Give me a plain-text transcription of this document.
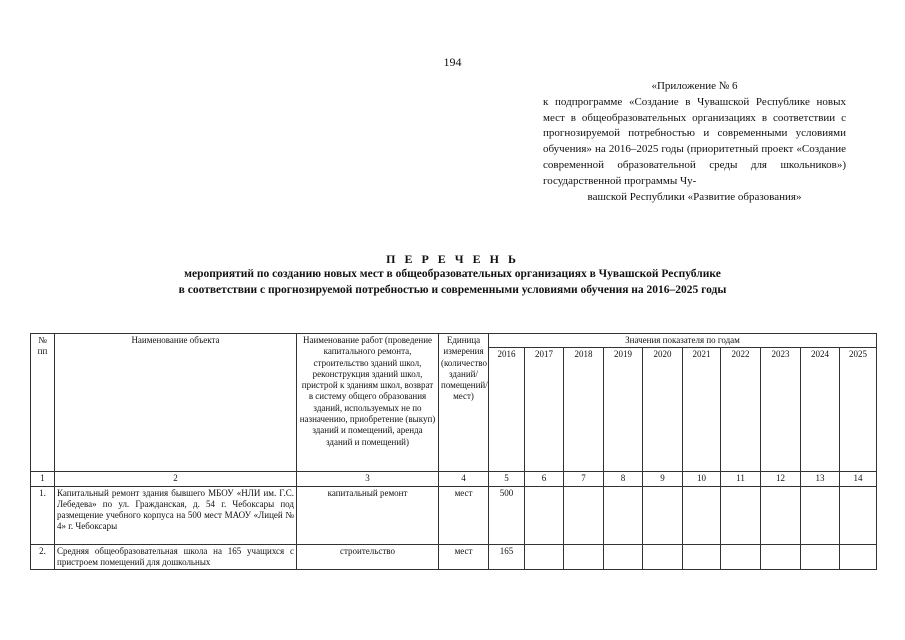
194
«Приложение № 6
к подпрограмме «Создание в Чувашской Республике новых мест в общеобразовательных организациях в соответствии с прогнозируемой потребностью и современными условиями обучения» на 2016–2025 годы (приоритетный проект «Создание современной образовательной среды для школьников») государственной программы Чу-
вашской Республики «Развитие образования»
П Е Р Е Ч Е Н Ь
мероприятий по созданию новых мест в общеобразовательных организациях в Чувашской Республике
в соответствии с прогнозируемой потребностью и современными условиями обучения на 2016–2025 годы
№ пп	Наименование объекта	Наименование работ (проведение капитального ремонта, строительство зданий школ, реконструкция зданий школ, пристрой к зданиям школ, возврат в систему общего образования зданий, используемых не по назначению, приобретение (выкуп) зданий и помещений, аренда зданий и помещений)	Единица измерения (количество зданий/ помещений/ мест)	Значения показателя по годам									
				2016	2017	2018	2019	2020	2021	2022	2023	2024	2025
1	2	3	4	5	6	7	8	9	10	11	12	13	14
1.	Капитальный ремонт здания бывшего МБОУ «НЛИ им. Г.С. Лебедева» по ул. Гражданская, д. 54 г. Чебоксары под размещение учебного корпуса на 500 мест МАОУ «Лицей № 4» г. Чебоксары	капитальный ремонт	мест	500									
2.	Средняя общеобразовательная школа на 165 учащихся с пристроем помещений для дошкольных	строительство	мест	165									
